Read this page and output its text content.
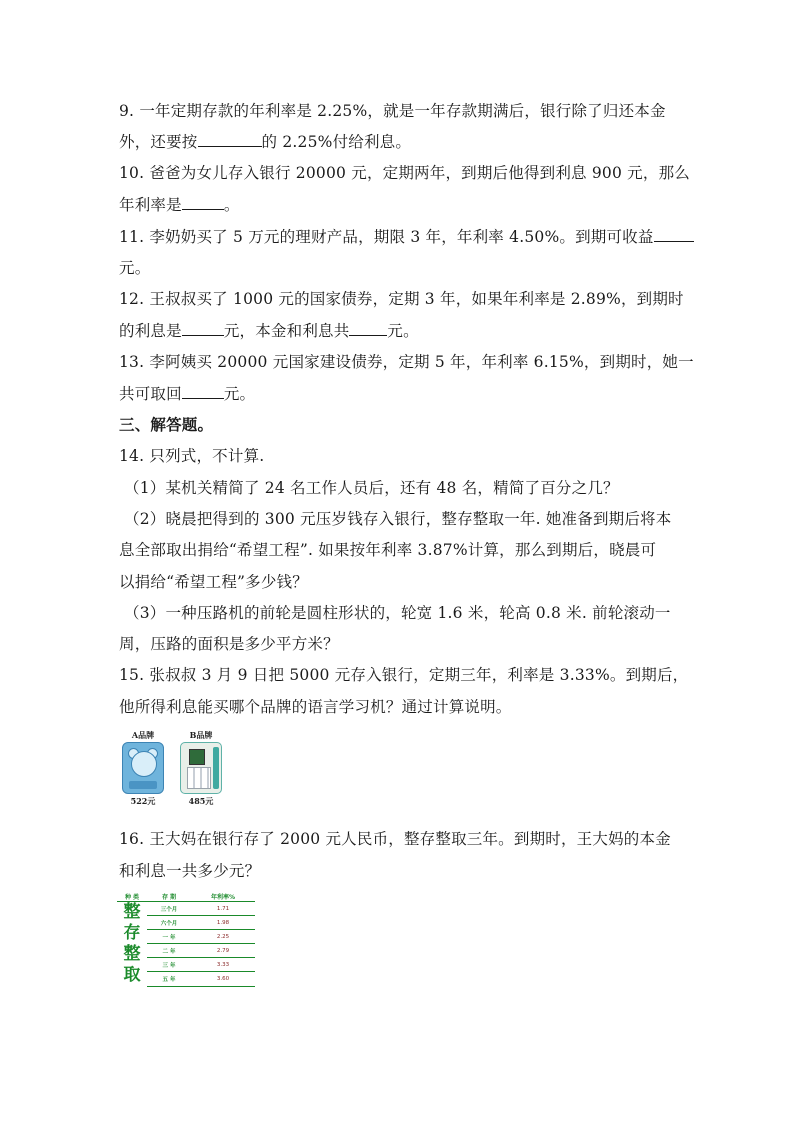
9. 一年定期存款的年利率是 2.25%，就是一年存款期满后，银行除了归还本金
外，还要按	的 2.25%付给利息。
10. 爸爸为女儿存入银行 20000 元，定期两年，到期后他得到利息 900 元，那么
年利率是	。
11. 李奶奶买了 5 万元的理财产品，期限 3 年，年利率 4.50%。到期可收益
元。
12. 王叔叔买了 1000 元的国家债券，定期 3 年，如果年利率是 2.89%，到期时
的利息是	元，本金和利息共 元。
13. 李阿姨买 20000 元国家建设债券，定期 5 年，年利率 6.15%，到期时，她一
共可取回	元。
三、解答题。
14. 只列式，不计算.
（1）某机关精简了 24 名工作人员后，还有 48 名，精简了百分之几？
（2）晓晨把得到的 300 元压岁钱存入银行，整存整取一年. 她准备到期后将本
息全部取出捐给“希望工程”. 如果按年利率 3.87%计算，那么到期后，晓晨可
以捐给“希望工程”多少钱？
（3）一种压路机的前轮是圆柱形状的，轮宽 1.6 米，轮高 0.8 米. 前轮滚动一
周，压路的面积是多少平方米？
15. 张叔叔 3 月 9 日把 5000 元存入银行，定期三年，利率是 3.33%。到期后，
他所得利息能买哪个品牌的语言学习机？通过计算说明。
A品牌
522元
B品牌
485元
16. 王大妈在银行存了 2000 元人民币，整存整取三年。到期时，王大妈的本金
和利息一共多少元？
种 类	存 期	年利率%
整
存
整
取	三个月	1.71
	六个月	1.98
	一 年	2.25
	二 年	2.79
	三 年	3.33
	五 年	3.60
